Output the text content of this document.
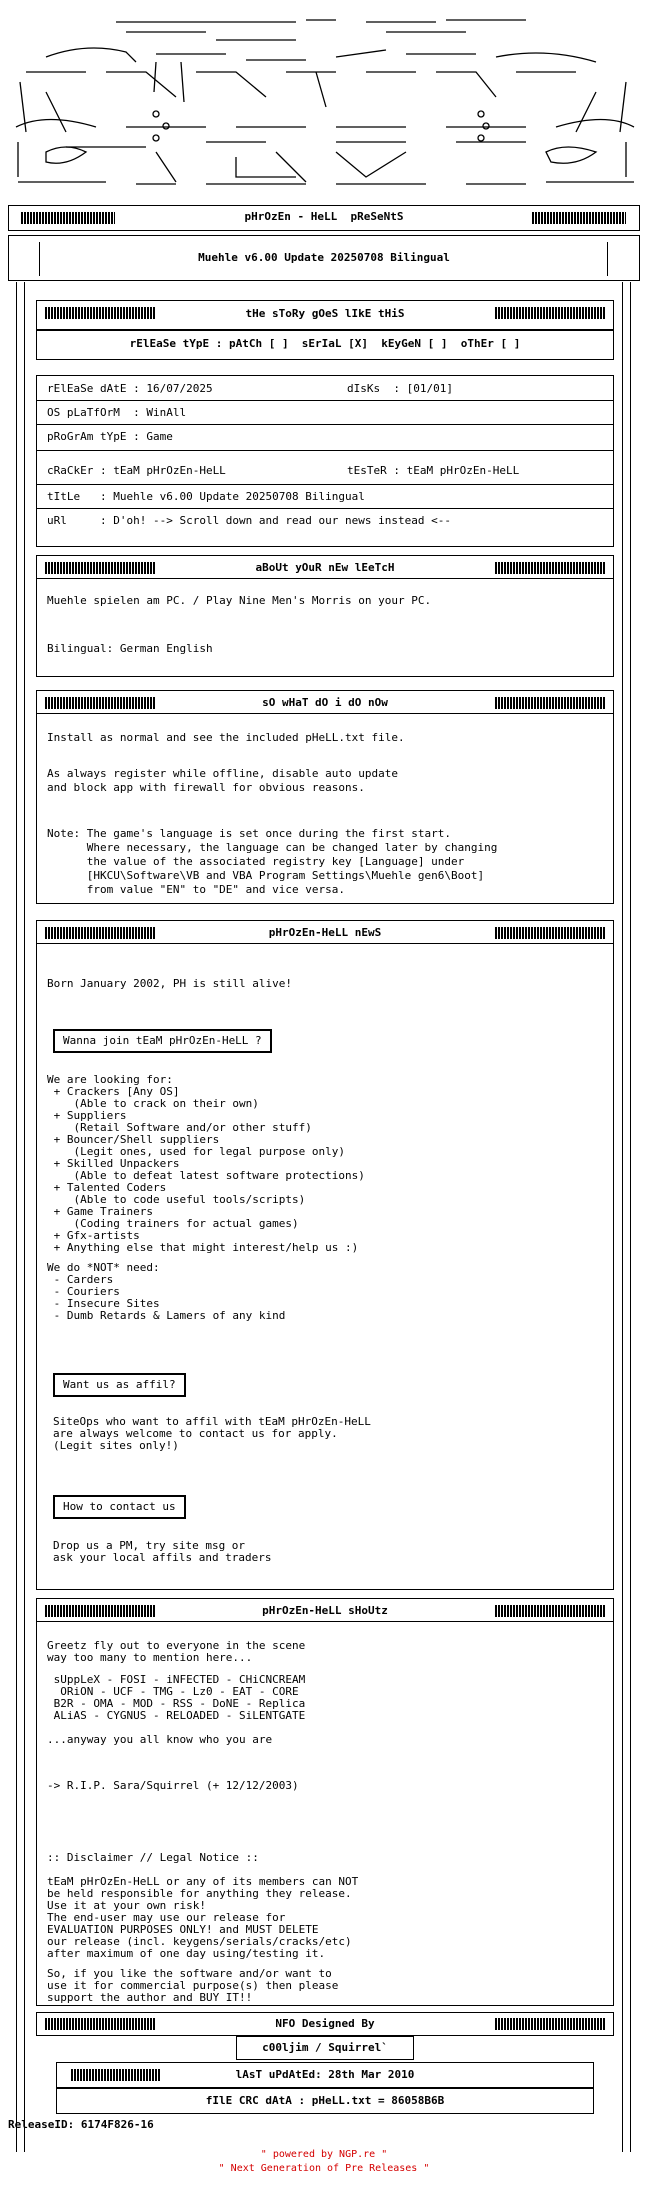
pHrOzEn - HeLL  pReSeNtS
Muehle v6.00 Update 20250708 Bilingual
tHe sToRy gOeS lIkE tHiS
rElEaSe tYpE : pAtCh [ ]  sErIaL [X]  kEyGeN [ ]  oThEr [ ]
rElEaSe dAtE : 16/07/2025	dIsKs  : [01/01]
OS pLaTfOrM  : WinAll
pRoGrAm tYpE : Game
cRaCkEr : tEaM pHrOzEn-HeLL	tEsTeR : tEaM pHrOzEn-HeLL
tItLe   : Muehle v6.00 Update 20250708 Bilingual
uRl     : D'oh! --> Scroll down and read our news instead <--
aBoUt yOuR nEw lEeTcH
Muehle spielen am PC. / Play Nine Men's Morris on your PC.
Bilingual: German English
sO wHaT dO i dO nOw
Install as normal and see the included pHeLL.txt file.
As always register while offline, disable auto update
and block app with firewall for obvious reasons.
Note: The game's language is set once during the first start.
Where necessary, the language can be changed later by changing
the value of the associated registry key [Language] under
[HKCU\Software\VB and VBA Program Settings\Muehle gen6\Boot]
from value "EN" to "DE" and vice versa.
pHrOzEn-HeLL nEwS
Born January 2002, PH is still alive!
Wanna join tEaM pHrOzEn-HeLL ?
We are looking for:
+ Crackers [Any OS]
(Able to crack on their own)
+ Suppliers
(Retail Software and/or other stuff)
+ Bouncer/Shell suppliers
(Legit ones, used for legal purpose only)
+ Skilled Unpackers
(Able to defeat latest software protections)
+ Talented Coders
(Able to code useful tools/scripts)
+ Game Trainers
(Coding trainers for actual games)
+ Gfx-artists
+ Anything else that might interest/help us :)
We do *NOT* need:
- Carders
- Couriers
- Insecure Sites
- Dumb Retards & Lamers of any kind
Want us as affil?
SiteOps who want to affil with tEaM pHrOzEn-HeLL
are always welcome to contact us for apply.
(Legit sites only!)
How to contact us
Drop us a PM, try site msg or
ask your local affils and traders
pHrOzEn-HeLL sHoUtz
Greetz fly out to everyone in the scene
way too many to mention here...
sUppLeX - FOSI - iNFECTED - CHiCNCREAM
ORiON - UCF - TMG - Lz0 - EAT - CORE
B2R - OMA - MOD - RSS - DoNE - Replica
ALiAS - CYGNUS - RELOADED - SiLENTGATE
...anyway you all know who you are
-> R.I.P. Sara/Squirrel (+ 12/12/2003)
:: Disclaimer // Legal Notice ::
tEaM pHrOzEn-HeLL or any of its members can NOT
be held responsible for anything they release.
Use it at your own risk!
The end-user may use our release for
EVALUATION PURPOSES ONLY! and MUST DELETE
our release (incl. keygens/serials/cracks/etc)
after maximum of one day using/testing it.
So, if you like the software and/or want to
use it for commercial purpose(s) then please
support the author and BUY IT!!
NFO Designed By
c00ljim / Squirrel`
lAsT uPdAtEd: 28th Mar 2010
fIlE CRC dAtA : pHeLL.txt = 86058B6B
ReleaseID: 6174F826-16
" powered by NGP.re "
" Next Generation of Pre Releases "
